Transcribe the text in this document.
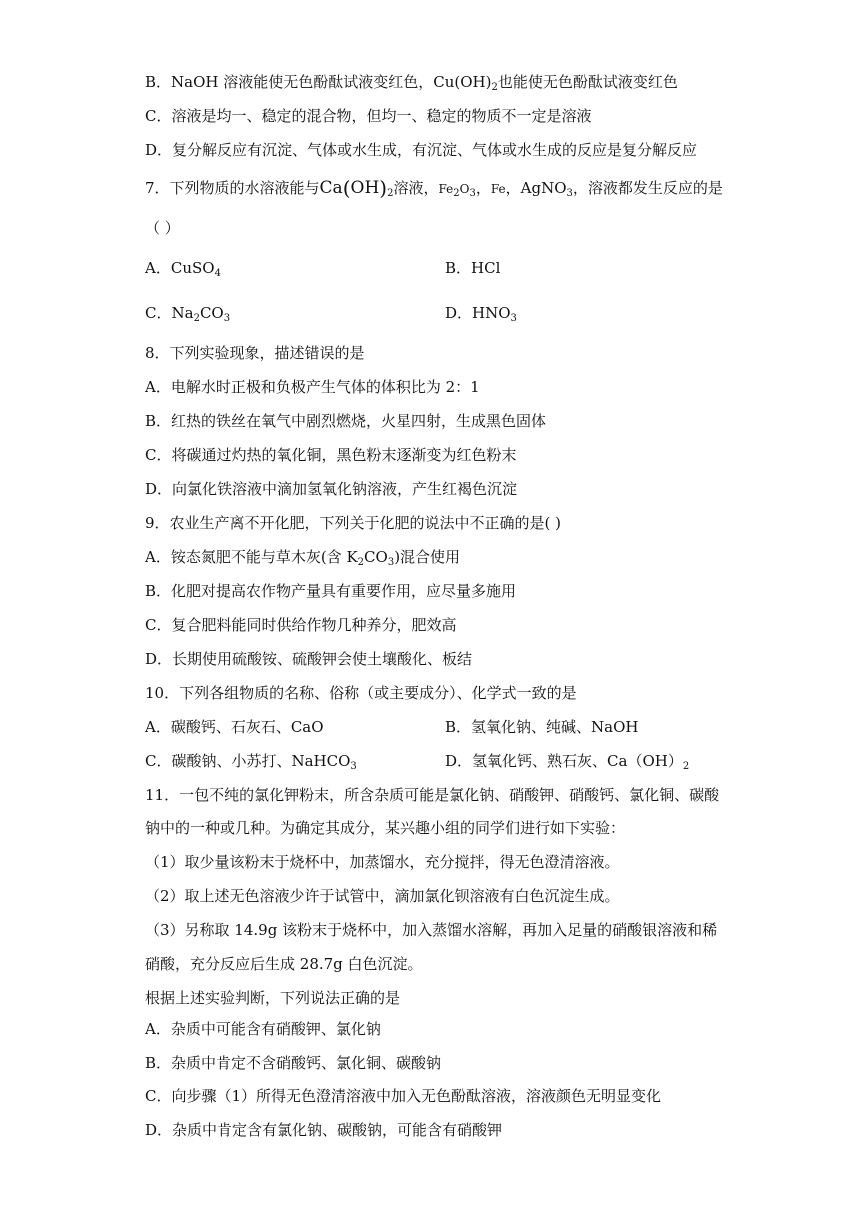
B．NaOH 溶液能使无色酚酞试液变红色，$Cu(OH)_2$也能使无色酚酞试液变红色
C．溶液是均一、稳定的混合物，但均一、稳定的物质不一定是溶液
D．复分解反应有沉淀、气体或水生成，有沉淀、气体或水生成的反应是复分解反应
7．下列物质的水溶液能与$Ca(OH)_2$溶液，$Fe_2O_3$，Fe，AgNO$_3$，溶液都发生反应的是
（ ）
A．CuSO$_4$	B．HCl
C．$Na_2CO_3$	D．$HNO_3$
8．下列实验现象，描述错误的是
A．电解水时正极和负极产生气体的体积比为 2：1
B．红热的铁丝在氧气中剧烈燃烧，火星四射，生成黑色固体
C．将碳通过灼热的氧化铜，黑色粉末逐渐变为红色粉末
D．向氯化铁溶液中滴加氢氧化钠溶液，产生红褐色沉淀
9．农业生产离不开化肥，下列关于化肥的说法中不正确的是( )
A．铵态氮肥不能与草木灰(含 $K_2CO_3$)混合使用
B．化肥对提高农作物产量具有重要作用，应尽量多施用
C．复合肥料能同时供给作物几种养分，肥效高
D．长期使用硫酸铵、硫酸钾会使土壤酸化、板结
10．下列各组物质的名称、俗称（或主要成分）、化学式一致的是
A．碳酸钙、石灰石、CaO	B．氢氧化钠、纯碱、NaOH
C．碳酸钠、小苏打、NaHCO$_3$	D．氢氧化钙、熟石灰、$Ca(OH)_2$
11．一包不纯的氯化钾粉末，所含杂质可能是氯化钠、硝酸钾、硝酸钙、氯化铜、碳酸
钠中的一种或几种。为确定其成分，某兴趣小组的同学们进行如下实验：
（1）取少量该粉末于烧杯中，加蒸馏水，充分搅拌，得无色澄清溶液。
（2）取上述无色溶液少许于试管中，滴加氯化钡溶液有白色沉淀生成。
（3）另称取 14.9g 该粉末于烧杯中，加入蒸馏水溶解，再加入足量的硝酸银溶液和稀
硝酸，充分反应后生成 28.7g 白色沉淀。
根据上述实验判断，下列说法正确的是
A．杂质中可能含有硝酸钾、氯化钠
B．杂质中肯定不含硝酸钙、氯化铜、碳酸钠
C．向步骤（1）所得无色澄清溶液中加入无色酚酞溶液，溶液颜色无明显变化
D．杂质中肯定含有氯化钠、碳酸钠，可能含有硝酸钾
